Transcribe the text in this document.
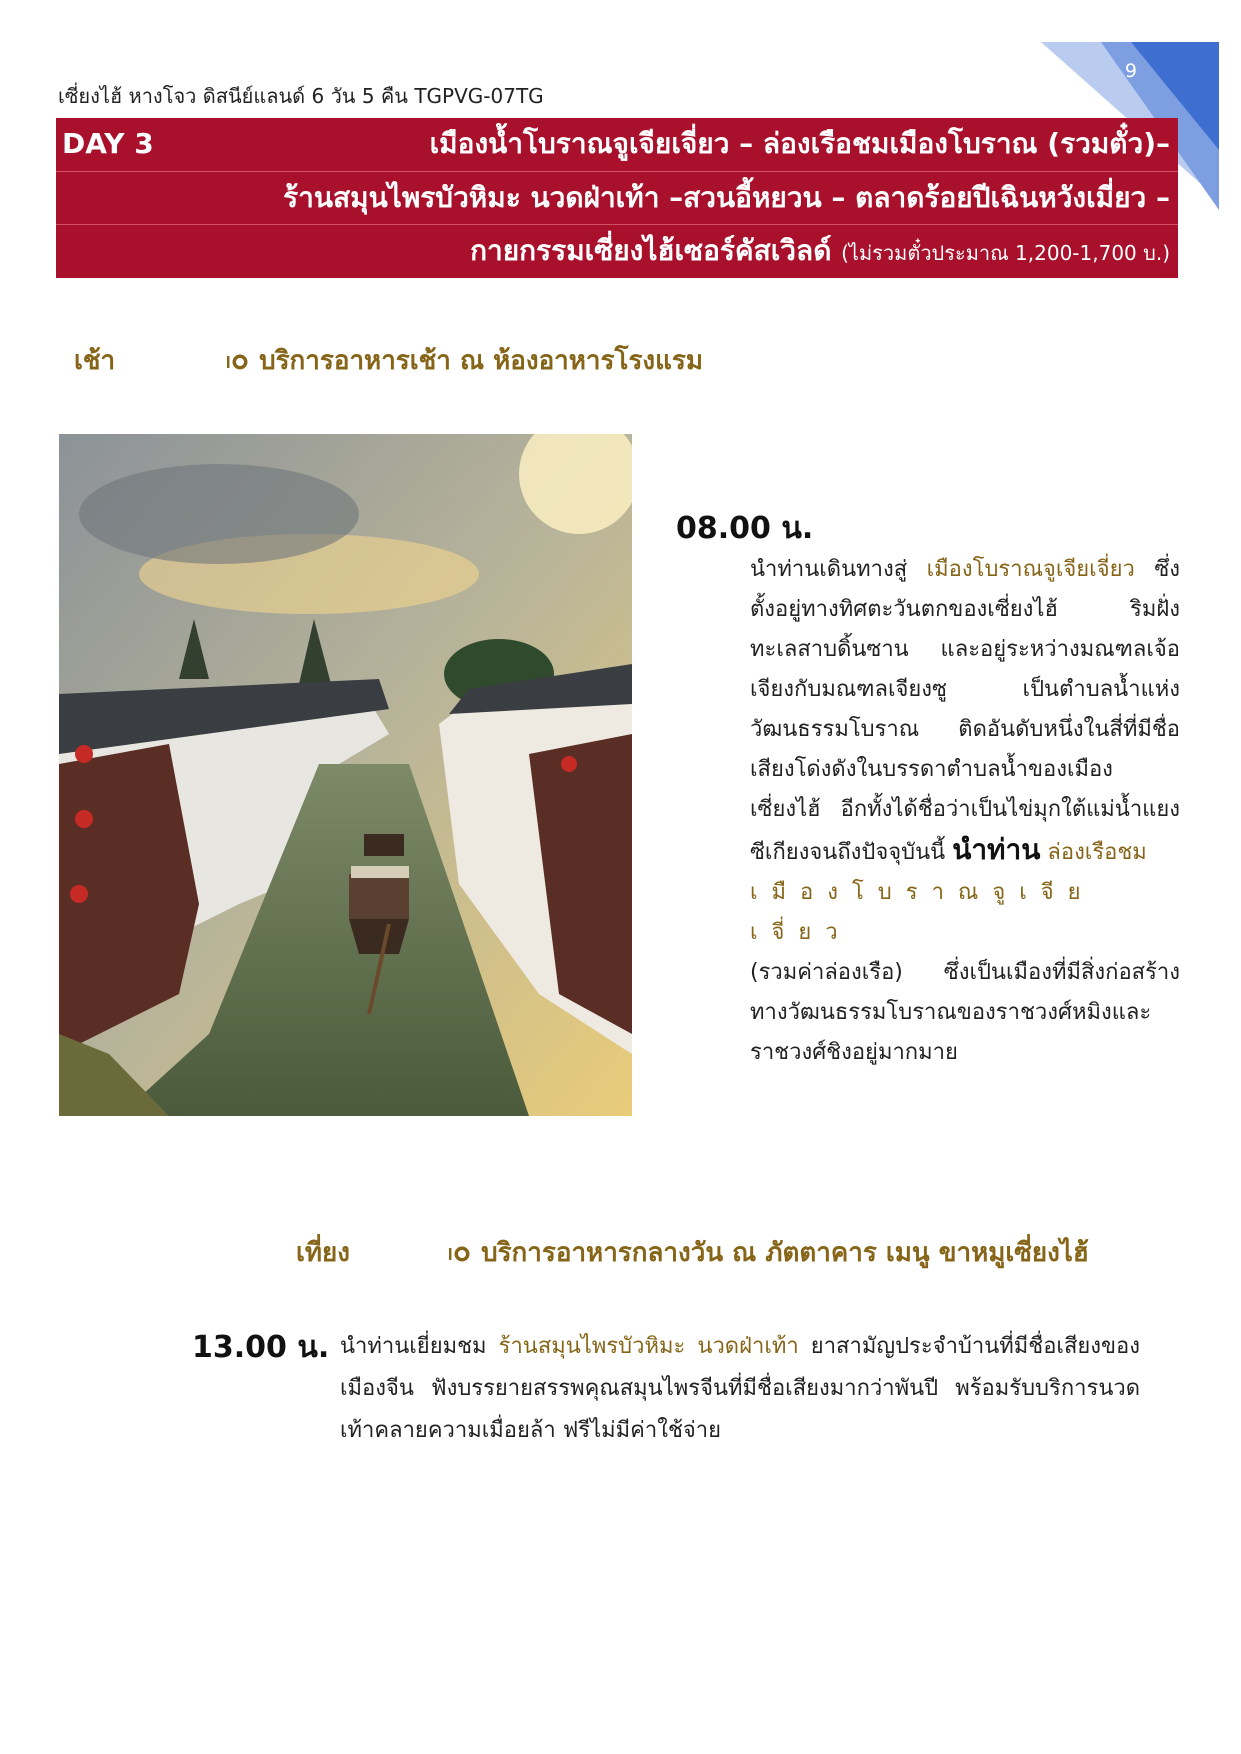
9
เซี่ยงไฮ้ หางโจว ดิสนีย์แลนด์ 6 วัน 5 คืน TGPVG-07TG
DAY 3	เมืองน้ำโบราณจูเจียเจี่ยว – ล่องเรือชมเมืองโบราณ (รวมตั๋ว)–
ร้านสมุนไพรบัวหิมะ นวดฝ่าเท้า –สวนอี้หยวน – ตลาดร้อยปีเฉินหวังเมี่ยว –
กายกรรมเซี่ยงไฮ้เซอร์คัสเวิลด์ (ไม่รวมตั๋วประมาณ 1,200-1,700 บ.)
เช้า	บริการอาหารเช้า ณ ห้องอาหารโรงแรม
08.00 น.
นำท่านเดินทางสู่ เมืองโบราณจูเจียเจี่ยว ซึ่งตั้งอยู่ทางทิศตะวันตกของเซี่ยงไฮ้ ริมฝั่งทะเลสาบดิ้นซาน และอยู่ระหว่างมณฑลเจ้อเจียงกับมณฑลเจียงซู เป็นตำบลน้ำแห่งวัฒนธรรมโบราณ ติดอันดับหนึ่งในสี่ที่มีชื่อเสียงโด่งดังในบรรดาตำบลน้ำของเมืองเซี่ยงไฮ้ อีกทั้งได้ชื่อว่าเป็นไข่มุกใต้แม่น้ำแยงซีเกียงจนถึงปัจจุบันนี้ นำท่าน ล่องเรือชม
เมืองโบราณจูเจียเจี่ยว
(รวมค่าล่องเรือ) ซึ่งเป็นเมืองที่มีสิ่งก่อสร้างทางวัฒนธรรมโบราณของราชวงศ์หมิงและราชวงศ์ชิงอยู่มากมาย
เที่ยง	บริการอาหารกลางวัน ณ ภัตตาคาร เมนู ขาหมูเซี่ยงไฮ้
13.00 น. นำท่านเยี่ยมชม ร้านสมุนไพรบัวหิมะ นวดฝ่าเท้า ยาสามัญประจำบ้านที่มีชื่อเสียงของเมืองจีน ฟังบรรยายสรรพคุณสมุนไพรจีนที่มีชื่อเสียงมากว่าพันปี พร้อมรับบริการนวดเท้าคลายความเมื่อยล้า ฟรีไม่มีค่าใช้จ่าย
